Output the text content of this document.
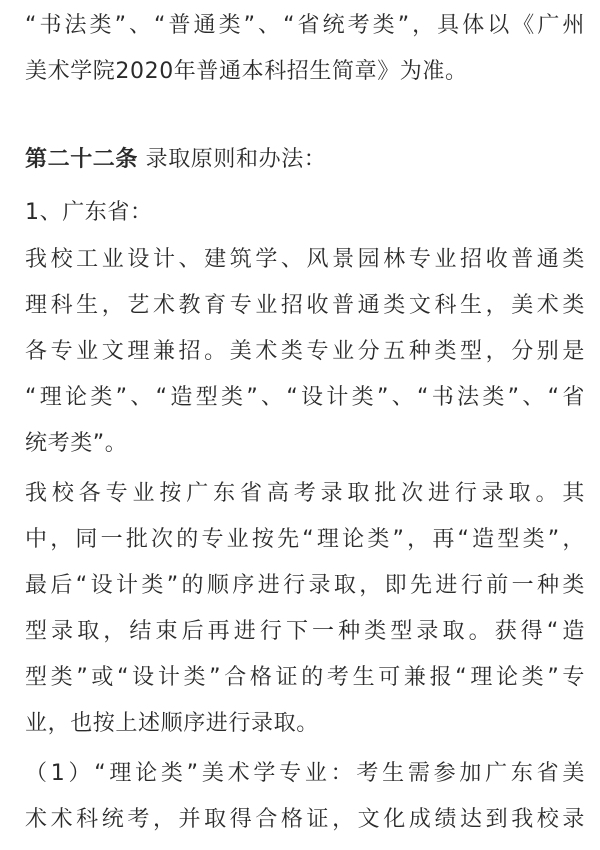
“书法类”、“普通类”、“省统考类”，具体以《广州
美术学院2020年普通本科招生简章》为准。
第二十二条 录取原则和办法：
1、广东省：
我校工业设计、建筑学、风景园林专业招收普通类
理科生，艺术教育专业招收普通类文科生，美术类
各专业文理兼招。美术类专业分五种类型，分别是
“理论类”、“造型类”、“设计类”、“书法类”、“省
统考类”。
我校各专业按广东省高考录取批次进行录取。其
中，同一批次的专业按先“理论类”，再“造型类”，
最后“设计类”的顺序进行录取，即先进行前一种类
型录取，结束后再进行下一种类型录取。获得“造
型类”或“设计类”合格证的考生可兼报“理论类”专
业，也按上述顺序进行录取。
（1）“理论类”美术学专业：考生需参加广东省美
术术科统考，并取得合格证，文化成绩达到我校录
